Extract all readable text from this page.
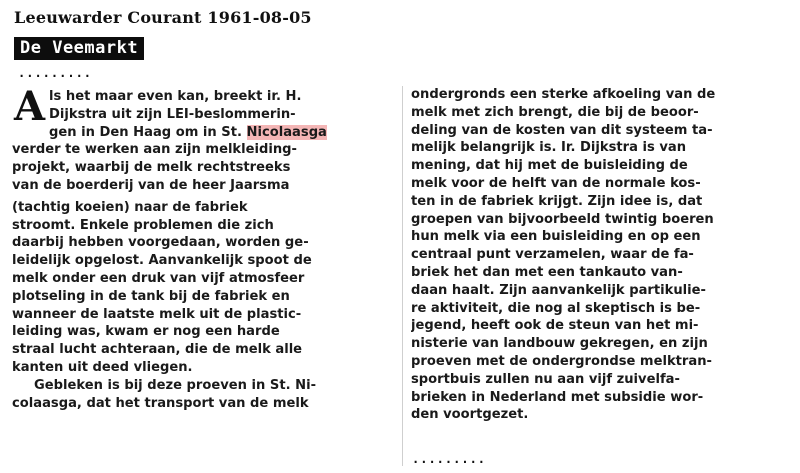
Leeuwarder Courant 1961-08-05
De Veemarkt
.........
A ls het maar even kan, breekt ir. H.
Dijkstra uit zijn LEI-beslommerin-
gen in Den Haag om in St. Nicolaasga
verder te werken aan zijn melkleiding-
projekt, waarbij de melk rechtstreeks
van de boerderij van de heer Jaarsma
(tachtig koeien) naar de fabriek
stroomt. Enkele problemen die zich
daarbij hebben voorgedaan, worden ge-
leidelijk opgelost. Aanvankelijk spoot de
melk onder een druk van vijf atmosfeer
plotseling in de tank bij de fabriek en
wanneer de laatste melk uit de plastic-
leiding was, kwam er nog een harde
straal lucht achteraan, die de melk alle
kanten uit deed vliegen.
Gebleken is bij deze proeven in St. Ni-
colaasga, dat het transport van de melk
ondergronds een sterke afkoeling van de
melk met zich brengt, die bij de beoor-
deling van de kosten van dit systeem ta-
melijk belangrijk is. Ir. Dijkstra is van
mening, dat hij met de buisleiding de
melk voor de helft van de normale kos-
ten in de fabriek krijgt. Zijn idee is, dat
groepen van bijvoorbeeld twintig boeren
hun melk via een buisleiding en op een
centraal punt verzamelen, waar de fa-
briek het dan met een tankauto van-
daan haalt. Zijn aanvankelijk partikulie-
re aktiviteit, die nog al skeptisch is be-
jegend, heeft ook de steun van het mi-
nisterie van landbouw gekregen, en zijn
proeven met de ondergrondse melktran-
sportbuis zullen nu aan vijf zuivelfa-
brieken in Nederland met subsidie wor-
den voortgezet.
.........
